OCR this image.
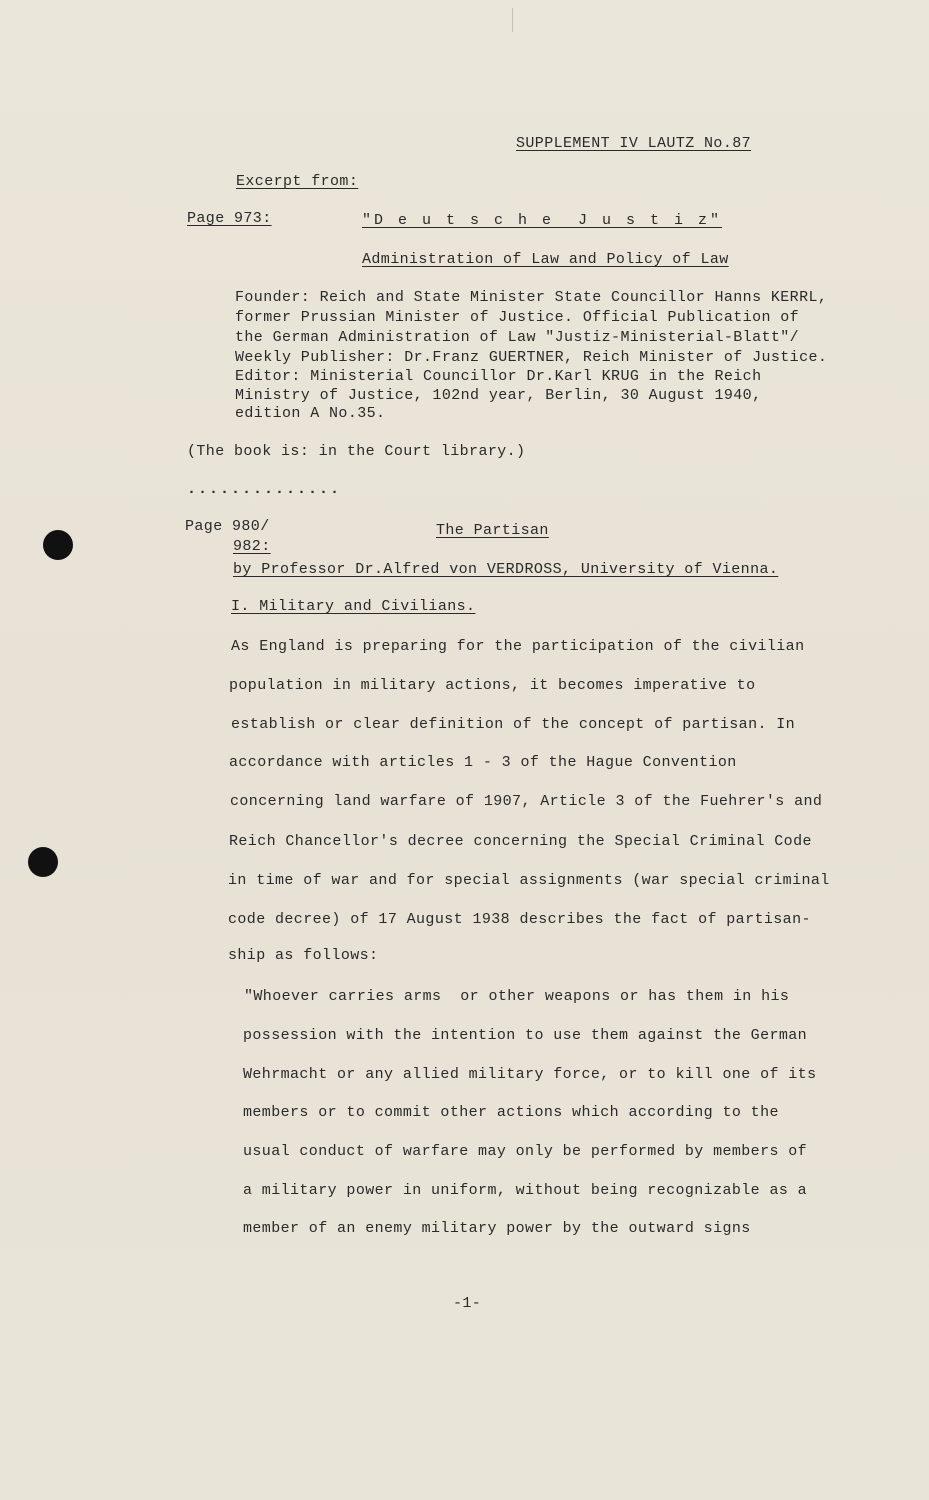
SUPPLEMENT IV LAUTZ No.87
Excerpt from:
Page 973:	"D e u t s c h e  J u s t i z"
Administration of Law and Policy of Law
Founder: Reich and State Minister State Councillor Hanns KERRL,
former Prussian Minister of Justice. Official Publication of
the German Administration of Law "Justiz-Ministerial-Blatt"/
Weekly Publisher: Dr.Franz GUERTNER, Reich Minister of Justice.
Editor: Ministerial Councillor Dr.Karl KRUG in the Reich
Ministry of Justice, 102nd year, Berlin, 30 August 1940,
edition A No.35.
(The book is: in the Court library.)
..............
Page 980/
982:
The Partisan
by Professor Dr.Alfred von VERDROSS, University of Vienna.
I. Military and Civilians.
As England is preparing for the participation of the civilian
population in military actions, it becomes imperative to
establish or clear definition of the concept of partisan. In
accordance with articles 1 - 3 of the Hague Convention
concerning land warfare of 1907, Article 3 of the Fuehrer's and
Reich Chancellor's decree concerning the Special Criminal Code
in time of war and for special assignments (war special criminal
code decree) of 17 August 1938 describes the fact of partisan-
ship as follows:
"Whoever carries arms  or other weapons or has them in his
possession with the intention to use them against the German
Wehrmacht or any allied military force, or to kill one of its
members or to commit other actions which according to the
usual conduct of warfare may only be performed by members of
a military power in uniform, without being recognizable as a
member of an enemy military power by the outward signs
-1-
